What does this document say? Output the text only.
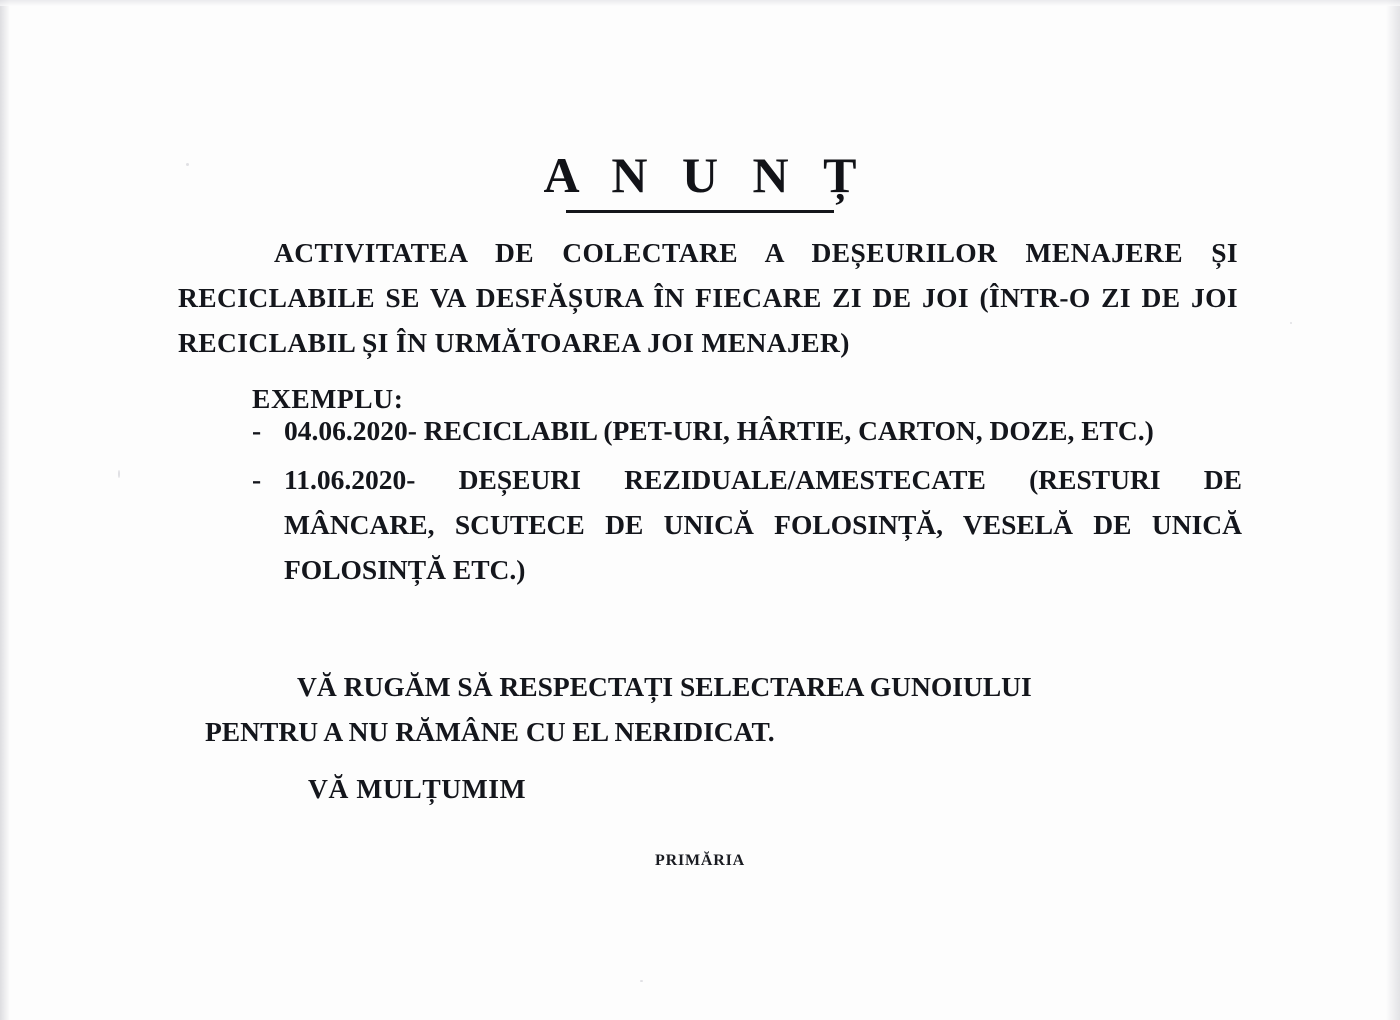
A N U N Ț

ACTIVITATEA DE COLECTARE A DEȘEURILOR MENAJERE ȘI RECICLABILE SE VA DESFĂȘURA ÎN FIECARE ZI DE JOI (ÎNTR-O ZI DE JOI RECICLABIL ȘI ÎN URMĂTOAREA JOI MENAJER)

EXEMPLU:

- 04.06.2020- RECICLABIL (PET-URI, HÂRTIE, CARTON, DOZE, ETC.)
- 11.06.2020- DEȘEURI REZIDUALE/AMESTECATE (RESTURI DE MÂNCARE, SCUTECE DE UNICĂ FOLOSINȚĂ, VESELĂ DE UNICĂ FOLOSINȚĂ ETC.)

VĂ RUGĂM SĂ RESPECTAȚI SELECTAREA GUNOIULUI
PENTRU A NU RĂMÂNE CU EL NERIDICAT.

VĂ MULȚUMIM

PRIMĂRIA
